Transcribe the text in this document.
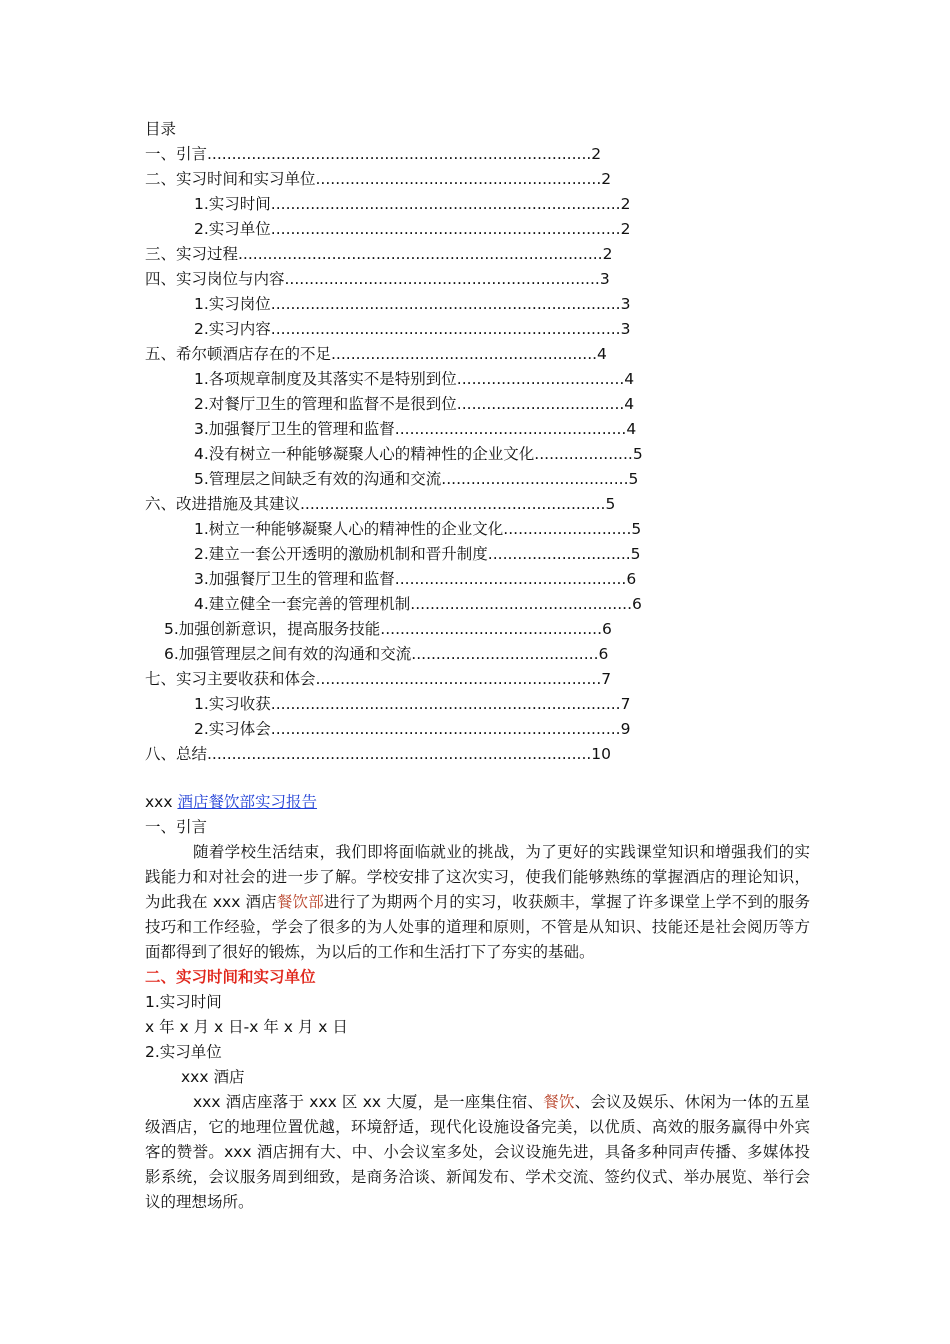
目录
一、引言..............................................................................2
二、实习时间和实习单位..........................................................2
1.实习时间.......................................................................2
2.实习单位.......................................................................2
三、实习过程..........................................................................2
四、实习岗位与内容................................................................3
1.实习岗位.......................................................................3
2.实习内容.......................................................................3
五、希尔顿酒店存在的不足......................................................4
1.各项规章制度及其落实不是特别到位..................................4
2.对餐厅卫生的管理和监督不是很到位..................................4
3.加强餐厅卫生的管理和监督...............................................4
4.没有树立一种能够凝聚人心的精神性的企业文化....................5
5.管理层之间缺乏有效的沟通和交流......................................5
六、改进措施及其建议..............................................................5
1.树立一种能够凝聚人心的精神性的企业文化..........................5
2.建立一套公开透明的激励机制和晋升制度.............................5
3.加强餐厅卫生的管理和监督...............................................6
4.建立健全一套完善的管理机制.............................................6
5.加强创新意识，提高服务技能.............................................6
6.加强管理层之间有效的沟通和交流......................................6
七、实习主要收获和体会..........................................................7
1.实习收获.......................................................................7
2.实习体会.......................................................................9
八、总结..............................................................................10
xxx 酒店餐饮部实习报告
一、引言
随着学校生活结束，我们即将面临就业的挑战，为了更好的实践课堂知识和增强我们的实践能力和对社会的进一步了解。学校安排了这次实习，使我们能够熟练的掌握酒店的理论知识，为此我在 xxx 酒店餐饮部进行了为期两个月的实习，收获颇丰，掌握了许多课堂上学不到的服务技巧和工作经验，学会了很多的为人处事的道理和原则，不管是从知识、技能还是社会阅历等方面都得到了很好的锻炼，为以后的工作和生活打下了夯实的基础。
二、实习时间和实习单位
1.实习时间
x 年 x 月 x 日-x 年 x 月 x 日
2.实习单位
xxx 酒店
xxx 酒店座落于 xxx 区 xx 大厦，是一座集住宿、餐饮、会议及娱乐、休闲为一体的五星级酒店，它的地理位置优越，环境舒适，现代化设施设备完美，以优质、高效的服务赢得中外宾客的赞誉。xxx 酒店拥有大、中、小会议室多处，会议设施先进，具备多种同声传播、多媒体投影系统，会议服务周到细致，是商务洽谈、新闻发布、学术交流、签约仪式、举办展览、举行会议的理想场所。
